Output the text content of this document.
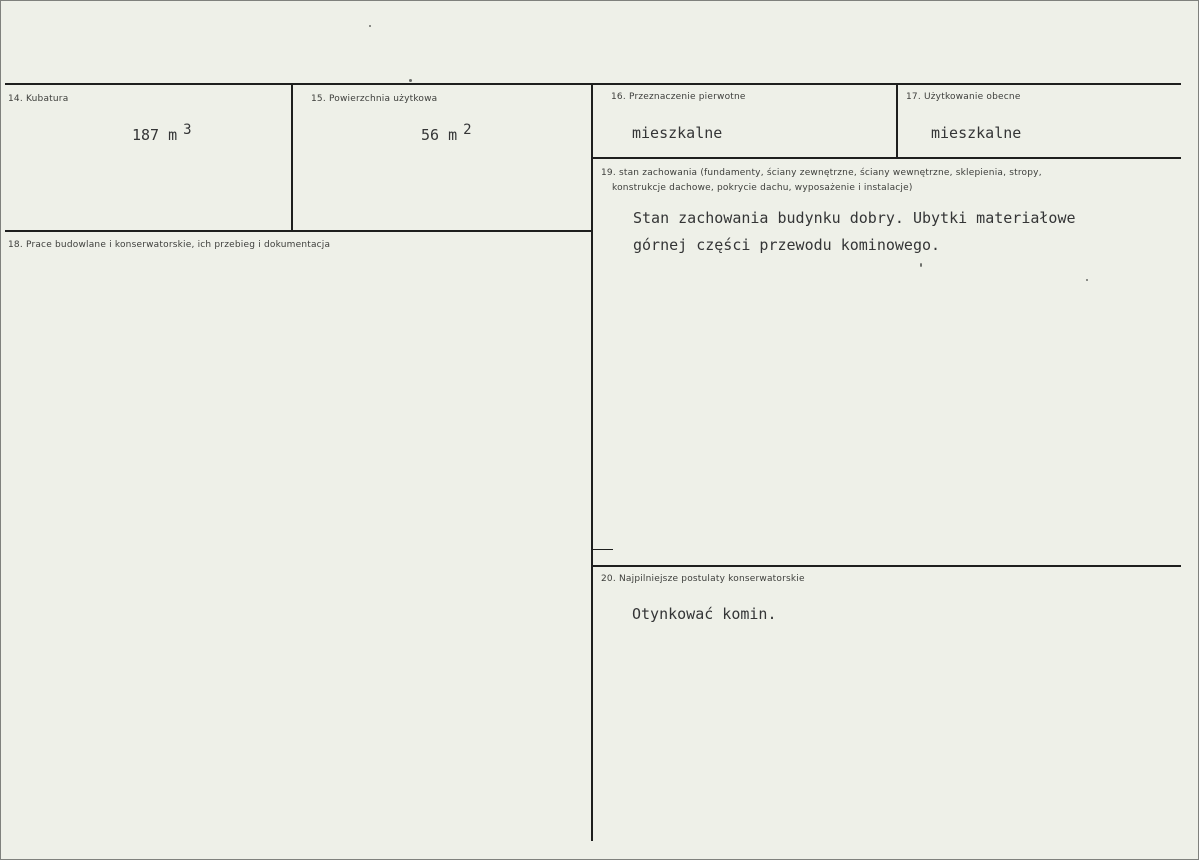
14. Kubatura
187 m $^3$
15. Powierzchnia użytkowa
56 m $^2$
16. Przeznaczenie pierwotne
mieszkalne
17. Użytkowanie obecne
mieszkalne
18. Prace budowlane i konserwatorskie, ich przebieg i dokumentacja
19. stan zachowania (fundamenty, ściany zewnętrzne, ściany wewnętrzne, sklepienia, stropy,
konstrukcje dachowe, pokrycie dachu, wyposażenie i instalacje)
Stan zachowania budynku dobry. Ubytki materiałowe
górnej części przewodu kominowego.
20. Najpilniejsze postulaty konserwatorskie
Otynkować komin.
